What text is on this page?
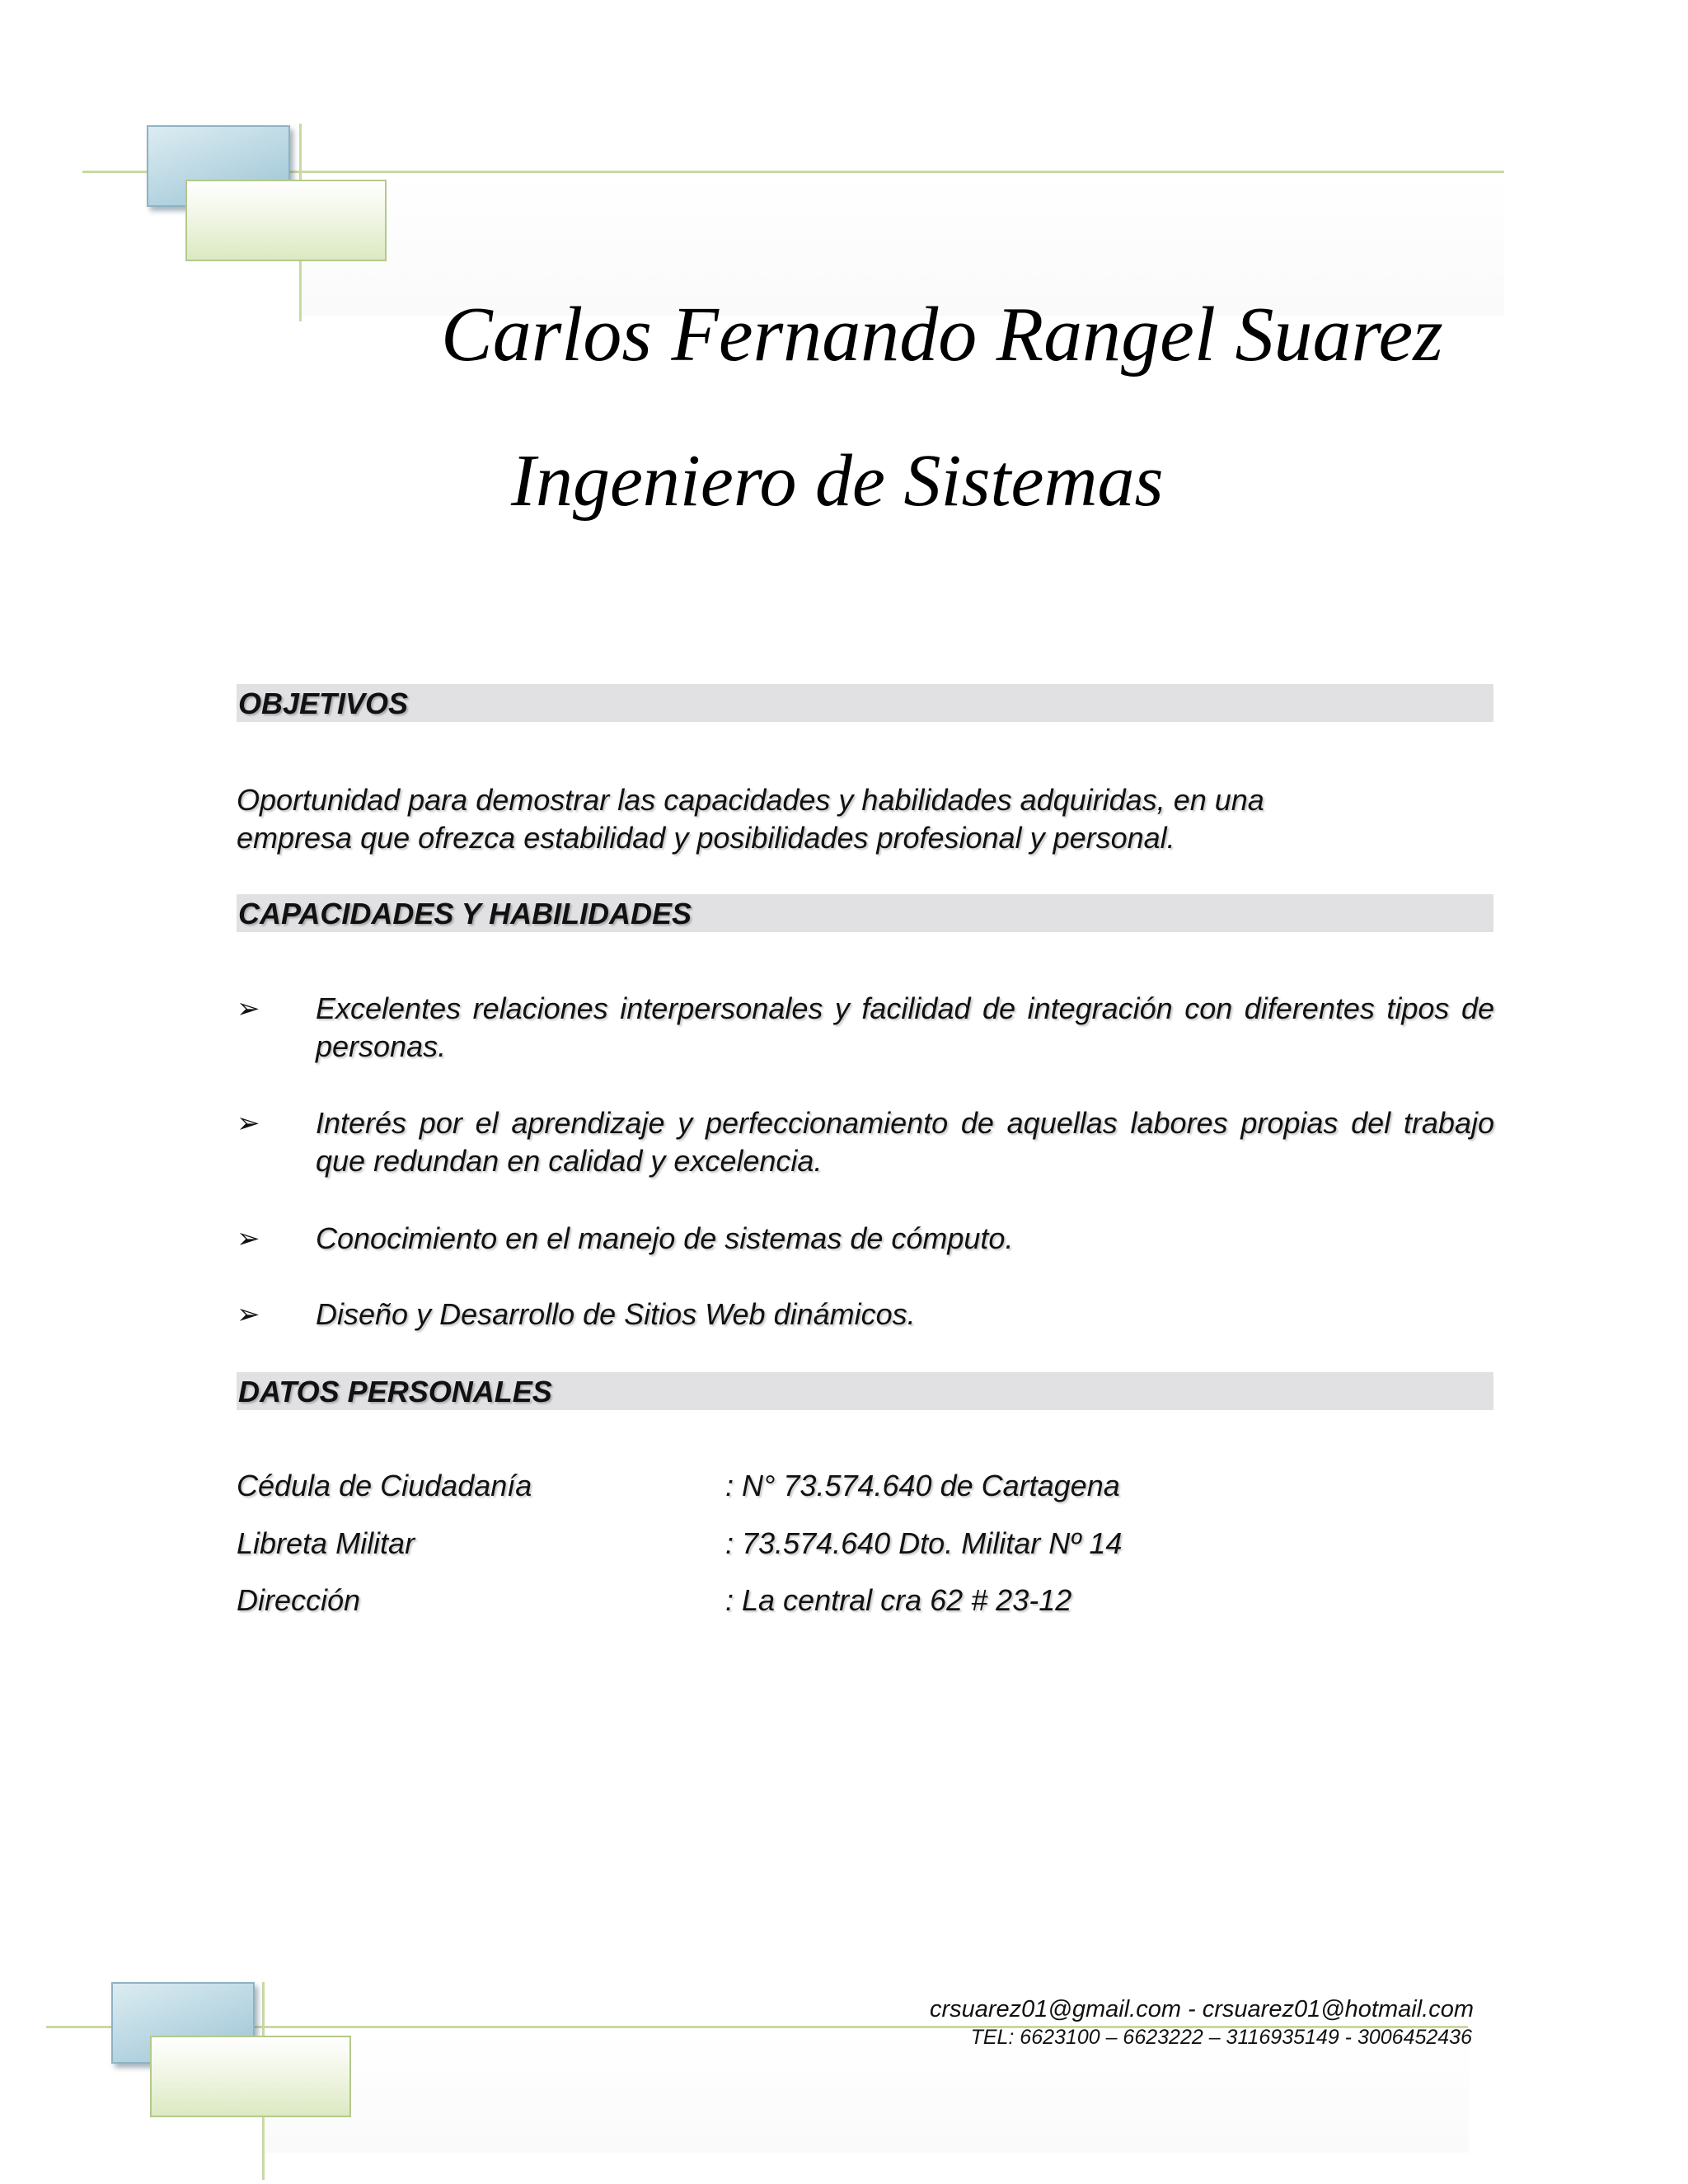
Carlos Fernando Rangel Suarez
Ingeniero de Sistemas
OBJETIVOS
Oportunidad para demostrar las capacidades y habilidades adquiridas, en una
empresa que ofrezca estabilidad y posibilidades profesional y personal.
CAPACIDADES Y HABILIDADES
➢ Excelentes relaciones interpersonales y facilidad de integración con diferentes tipos de personas.
➢ Interés por el aprendizaje y perfeccionamiento de aquellas labores propias del trabajo que redundan en calidad y excelencia.
➢ Conocimiento en el manejo de sistemas de cómputo.
➢ Diseño y Desarrollo de Sitios Web dinámicos.
DATOS PERSONALES
Cédula de Ciudadanía	: N° 73.574.640 de Cartagena
Libreta Militar	: 73.574.640 Dto. Militar Nº 14
Dirección	: La central cra 62 # 23-12
crsuarez01@gmail.com - crsuarez01@hotmail.com
TEL: 6623100 – 6623222 – 3116935149 - 3006452436
